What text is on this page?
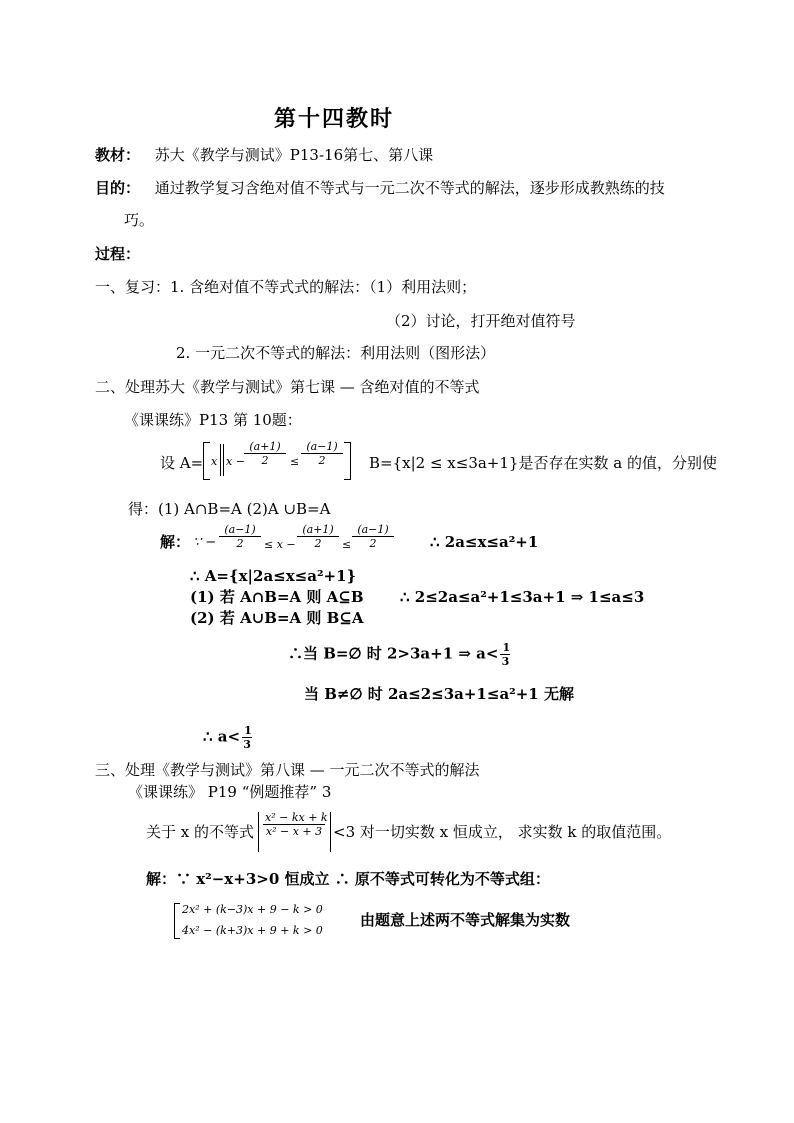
第十四教时
教材： 苏大《教学与测试》P13-16第七、第八课
目的： 通过教学复习含绝对值不等式与一元二次不等式的解法，逐步形成教熟练的技
巧。
过程：
一、复习：1. 含绝对值不等式式的解法：（1）利用法则；
（2）讨论，打开绝对值符号
2. 一元二次不等式的解法：利用法则（图形法）
二、处理苏大《教学与测试》第七课 — 含绝对值的不等式
《课课练》P13 第 10题：
设 A= x $x - \frac{(a+1)}{2} \le \frac{(a-1)}{2} B=\{x|2 \le x\le 3a+1\}$是否存在实数 a 的值，分别使
得：(1) A∩B=A (2)A ∪B=A
解： ∵ − $\frac{(a-1)}{2} \le x - \frac{(a+1)}{2} \le \frac{(a-1)}{2}$ ∴ 2a≤x≤a²+1
∴ A={x|2a≤x≤a²+1}
(1) 若 A∩B=A 则 A⊆B ∴ 2≤2a≤a²+1≤3a+1 ⇒ 1≤a≤3
(2) 若 A∪B=A 则 B⊆A
∴当 B=∅ 时 2>3a+1 ⇒ $a< \frac{1}{3}$
当 B≠∅ 时 2a≤2≤3a+1≤a²+1 无解
∴ $a< \frac{1}{3}$
三、处理《教学与测试》第八课 — 一元二次不等式的解法
《课课练》 P19 “例题推荐” 3
关于 x 的不等式 $\frac{\text{x² − kx + k}}{\text{x² − x + 3}} <3$ 对一切实数 x 恒成立， 求实数 k 的取值范围。
解：∵ x²−x+3>0 恒成立 ∴ 原不等式可转化为不等式组：
2x² + (k−3)x + 9 − k > 0
4x² − (k+3)x + 9 + k > 0
由题意上述两不等式解集为实数
